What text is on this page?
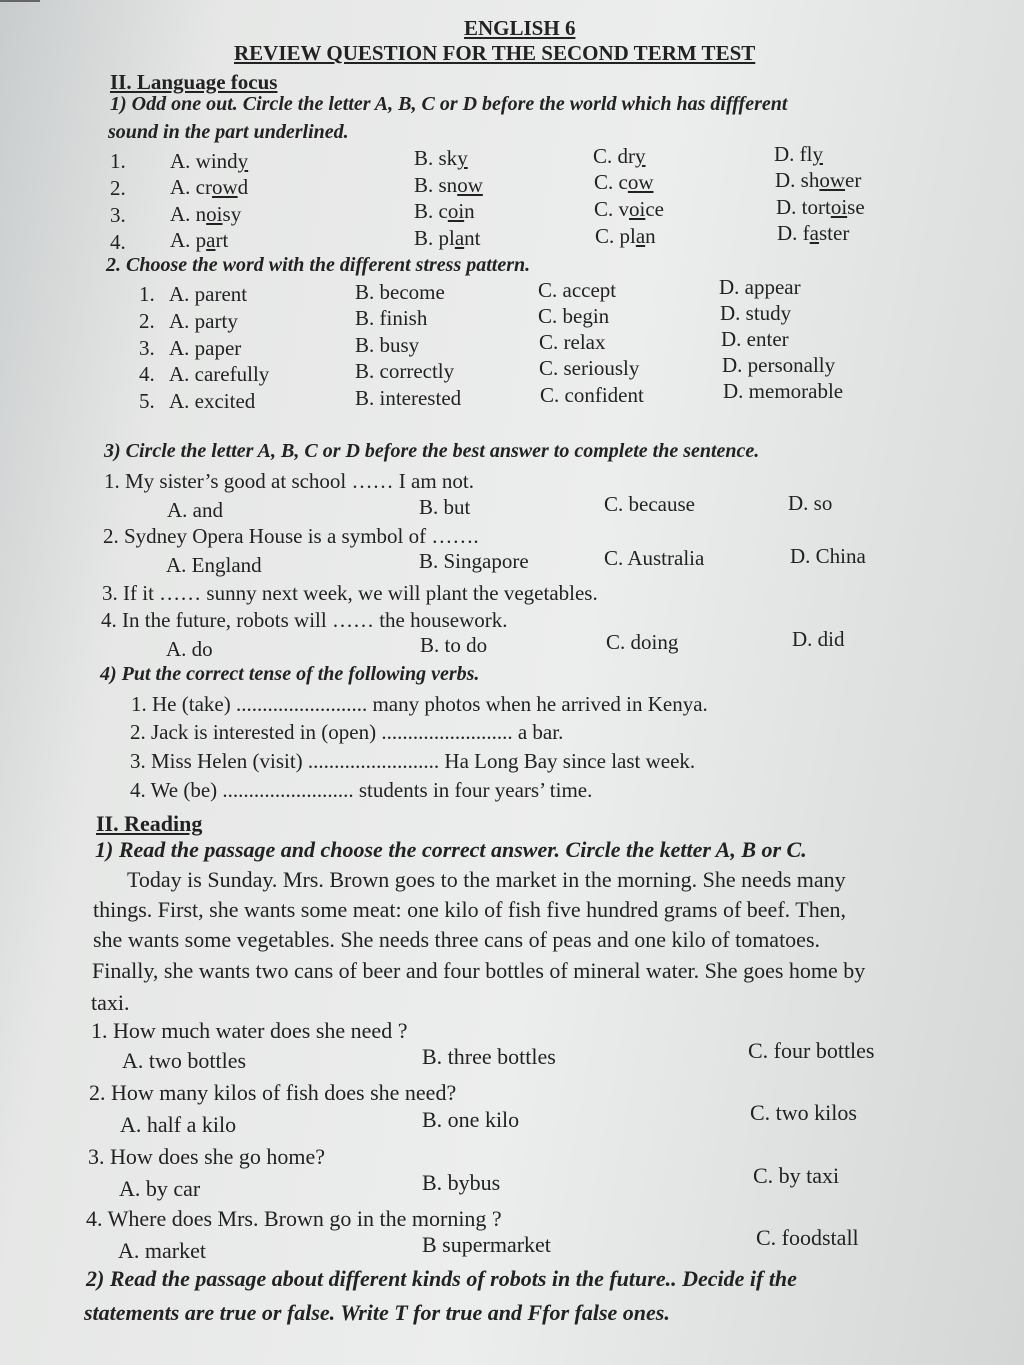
ENGLISH 6
REVIEW QUESTION FOR THE SECOND TERM TEST
II. Language focus
1) Odd one out. Circle the letter A, B, C or D before the world which has diffferent
sound in the part underlined.
1. A. windy	B. sky	C. dry	D. fly
2. A. crowd	B. snow	C. cow	D. shower
3. A. noisy	B. coin	C. voice	D. tortoise
4. A. part	B. plant	C. plan	D. faster
2. Choose the word with the different stress pattern.
1. A. parent	B. become	C. accept	D. appear
2. A. party	B. finish	C. begin	D. study
3. A. paper	B. busy	C. relax	D. enter
4. A. carefully	B. correctly	C. seriously	D. personally
5. A. excited	B. interested	C. confident	D. memorable
3) Circle the letter A, B, C or D before the best answer to complete the sentence.
1. My sister’s good at school …… I am not.
A. and	B. but	C. because	D. so
2. Sydney Opera House is a symbol of …….
A. England	B. Singapore	C. Australia	D. China
3. If it …… sunny next week, we will plant the vegetables.
4. In the future, robots will …… the housework.
A. do	B. to do	C. doing	D. did
4) Put the correct tense of the following verbs.
1. He (take) ......................... many photos when he arrived in Kenya.
2. Jack is interested in (open) ......................... a bar.
3. Miss Helen (visit) ......................... Ha Long Bay since last week.
4. We (be) ......................... students in four years’ time.
II. Reading
1) Read the passage and choose the correct answer. Circle the ketter A, B or C.
Today is Sunday. Mrs. Brown goes to the market in the morning. She needs many
things. First, she wants some meat: one kilo of fish five hundred grams of beef. Then,
she wants some vegetables. She needs three cans of peas and one kilo of tomatoes.
Finally, she wants two cans of beer and four bottles of mineral water. She goes home by
taxi.
1. How much water does she need ?
A. two bottles	B. three bottles	C. four bottles
2. How many kilos of fish does she need?
A. half a kilo	B. one kilo	C. two kilos
3. How does she go home?
A. by car	B. bybus	C. by taxi
4. Where does Mrs. Brown go in the morning ?
A. market	B supermarket	C. foodstall
2) Read the passage about different kinds of robots in the future.. Decide if the
statements are true or false. Write T for true and Ffor false ones.
